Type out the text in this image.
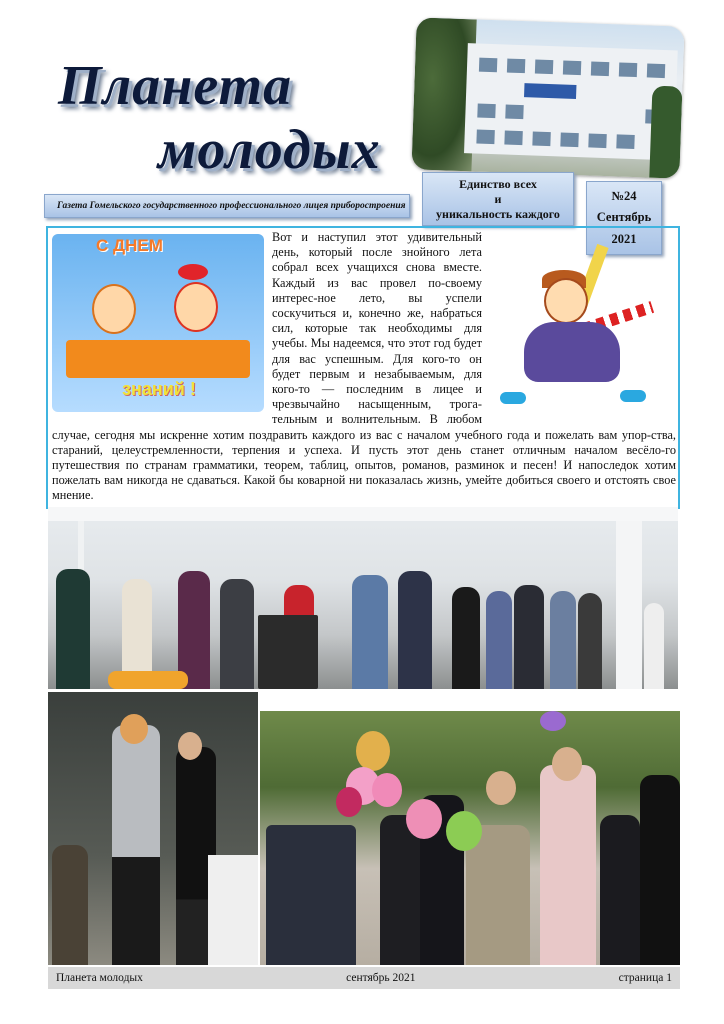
Планета
молодых
Газета Гомельского государственного профессионального лицея приборостроения
Единство всех
и
уникальность каждого
№24
Сентябрь
2021
С ДНЕМ
знаний !

Вот и наступил этот удивительный день, который после знойного лета собрал всех учащихся снова вместе. Каждый из вас провел по-своему интерес-ное лето, вы успели соскучиться и, конечно же, набраться сил, которые так необходимы для учебы. Мы надеемся, что этот год будет для вас успешным. Для кого-то он будет первым и незабываемым, для кого-то — последним в лицее и чрезвычайно насыщенным, трога-тельным и волнительным. В любом случае, сегодня мы искренне хотим поздравить каждого из вас с началом учебного года и пожелать вам упор-ства, стараний, целеустремленности, терпения и успеха. И пусть этот день станет отличным началом весёло-го путешествия по странам грамматики, теорем, таблиц, опытов, романов, разминок и песен! И напоследок хотим пожелать вам никогда не сдаваться. Какой бы коварной ни показалась жизнь, умейте добиться своего и отстоять свое мнение.

Планета молодых	сентябрь 2021	страница 1
